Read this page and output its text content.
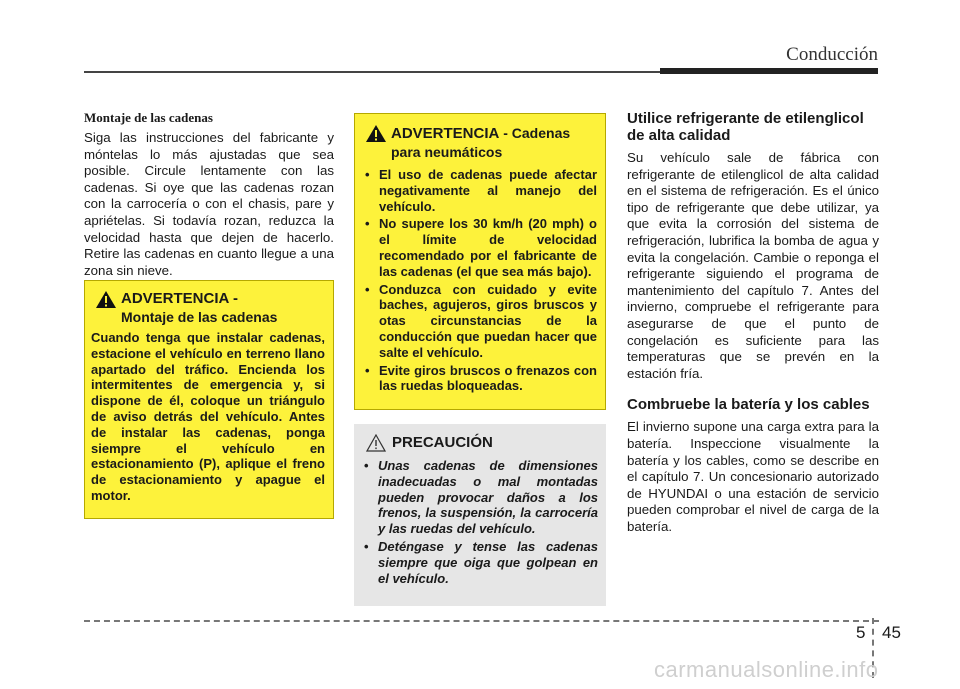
Conducción

Montaje de las cadenas

Siga las instrucciones del fabricante y móntelas lo más ajustadas que sea posible. Circule lentamente con las cadenas. Si oye que las cadenas rozan con la carrocería o con el chasis, pare y apriételas. Si todavía rozan, reduzca la velocidad hasta que dejen de hacerlo. Retire las cadenas en cuanto llegue a una zona sin nieve.

ADVERTENCIA -
Montaje de las cadenas
Cuando tenga que instalar cadenas, estacione el vehículo en terreno llano apartado del tráfico. Encienda los intermitentes de emergencia y, si dispone de él, coloque un triángulo de aviso detrás del vehículo. Antes de instalar las cadenas, ponga siempre el vehículo en estacionamiento (P), aplique el freno de estacionamiento y apague el motor.
ADVERTENCIA - Cadenas
para neumáticos
• El uso de cadenas puede afectar negativamente al manejo del vehículo.
• No supere los 30 km/h (20 mph) o el límite de velocidad recomendado por el fabricante de las cadenas (el que sea más bajo).
• Conduzca con cuidado y evite baches, agujeros, giros bruscos y otas circunstancias de la conducción que puedan hacer que salte el vehículo.
• Evite giros bruscos o frenazos con las ruedas bloqueadas.
PRECAUCIÓN
• Unas cadenas de dimensiones inadecuadas o mal montadas pueden provocar daños a los frenos, la suspensión, la carrocería y las ruedas del vehículo.
• Deténgase y tense las cadenas siempre que oiga que golpean en el vehículo.

Utilice refrigerante de etilenglicol de alta calidad

Su vehículo sale de fábrica con refrigerante de etilenglicol de alta calidad en el sistema de refrigeración. Es el único tipo de refrigerante que debe utilizar, ya que evita la corrosión del sistema de refrigeración, lubrifica la bomba de agua y evita la congelación. Cambie o reponga el refrigerante siguiendo el programa de mantenimiento del capítulo 7. Antes del invierno, compruebe el refrigerante para asegurarse de que el punto de congelación es suficiente para las temperaturas que se prevén en la estación fría.

Combruebe la batería y los cables

El invierno supone una carga extra para la batería. Inspeccione visualmente la batería y los cables, como se describe en el capítulo 7. Un concesionario autorizado de HYUNDAI o una estación de servicio pueden comprobar el nivel de carga de la batería.

5 45
carmanualsonline.info
